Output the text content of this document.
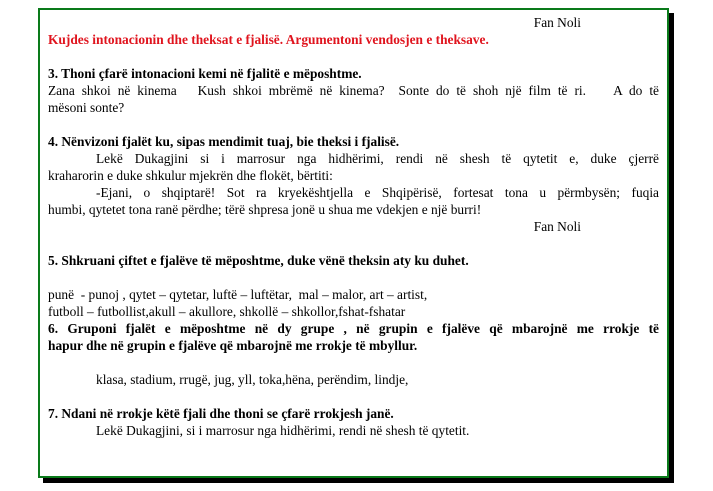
Fan Noli

Kujdes intonacionin dhe theksat e fjalisë. Argumentoni vendosjen e theksave.

3. Thoni çfarë intonacioni kemi në fjalitë e mëposhtme.

Zana shkoi në kinema   Kush shkoi mbrëmë në kinema?  Sonte do të shoh një film të ri.    A do të

mësoni sonte?

4. Nënvizoni fjalët ku, sipas mendimit tuaj, bie theksi i fjalisë.

Lekë Dukagjini si i marrosur nga hidhërimi, rendi në shesh të qytetit e, duke çjerrë

kraharorin e duke shkulur mjekrën dhe flokët, bërtiti:

-Ejani, o shqiptarë! Sot ra kryekështjella e Shqipërisë, fortesat tona u përmbysën; fuqia

humbi, qytetet tona ranë përdhe; tërë shpresa jonë u shua me vdekjen e një burri!

Fan Noli

5. Shkruani çiftet e fjalëve të mëposhtme, duke vënë theksin aty ku duhet.

punë  - punoj , qytet – qytetar, luftë – luftëtar,  mal – malor, art – artist,

futboll – futbollist,akull – akullore, shkollë – shkollor,fshat-fshatar

6. Gruponi fjalët e mëposhtme në dy grupe , në grupin e fjalëve që mbarojnë me rrokje të

hapur dhe në grupin e fjalëve që mbarojnë me rrokje të mbyllur.

klasa, stadium, rrugë, jug, yll, toka,hëna, perëndim, lindje,

7. Ndani në rrokje këtë fjali dhe thoni se çfarë rrokjesh janë.

Lekë Dukagjini, si i marrosur nga hidhërimi, rendi në shesh të qytetit.
